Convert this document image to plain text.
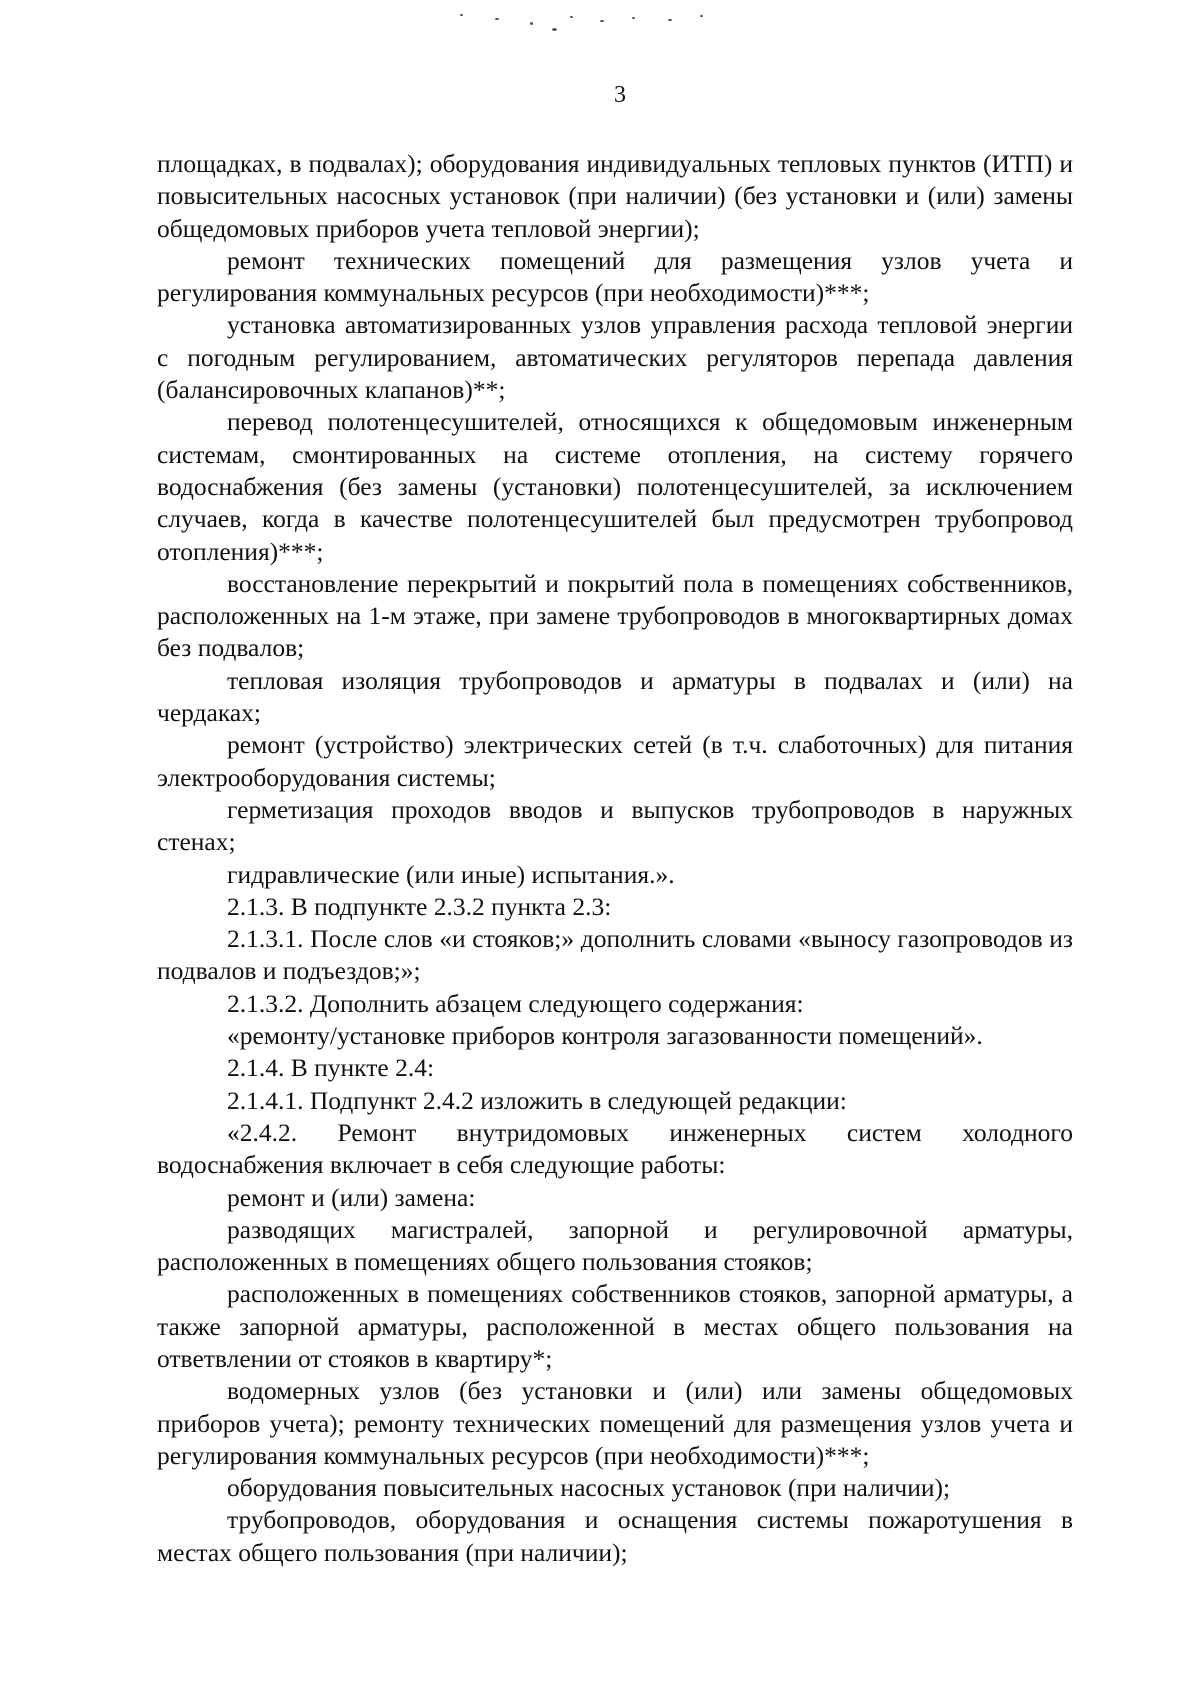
3

площадках, в подвалах); оборудования индивидуальных тепловых пунктов (ИТП) и повысительных насосных установок (при наличии) (без установки и (или) замены общедомовых приборов учета тепловой энергии);

ремонт технических помещений для размещения узлов учета и регулирования коммунальных ресурсов (при необходимости)***;

установка автоматизированных узлов управления расхода тепловой энергии с погодным регулированием, автоматических регуляторов перепада давления (балансировочных клапанов)**;

перевод полотенцесушителей, относящихся к общедомовым инженерным системам, смонтированных на системе отопления, на систему горячего водоснабжения (без замены (установки) полотенцесушителей, за исключением случаев, когда в качестве полотенцесушителей был предусмотрен трубопровод отопления)***;

восстановление перекрытий и покрытий пола в помещениях собственников, расположенных на 1-м этаже, при замене трубопроводов в многоквартирных домах без подвалов;

тепловая изоляция трубопроводов и арматуры в подвалах и (или) на чердаках;

ремонт (устройство) электрических сетей (в т.ч. слаботочных) для питания электрооборудования системы;

герметизация проходов вводов и выпусков трубопроводов в наружных стенах;

гидравлические (или иные) испытания.».

2.1.3. В подпункте 2.3.2 пункта 2.3:

2.1.3.1. После слов «и стояков;» дополнить словами «выносу газопроводов из подвалов и подъездов;»;

2.1.3.2. Дополнить абзацем следующего содержания:

«ремонту/установке приборов контроля загазованности помещений».

2.1.4. В пункте 2.4:

2.1.4.1. Подпункт 2.4.2 изложить в следующей редакции:

«2.4.2. Ремонт внутридомовых инженерных систем холодного водоснабжения включает в себя следующие работы:

ремонт и (или) замена:

разводящих магистралей, запорной и регулировочной арматуры, расположенных в помещениях общего пользования стояков;

расположенных в помещениях собственников стояков, запорной арматуры, а также запорной арматуры, расположенной в местах общего пользования на ответвлении от стояков в квартиру*;

водомерных узлов (без установки и (или) или замены общедомовых приборов учета); ремонту технических помещений для размещения узлов учета и регулирования коммунальных ресурсов (при необходимости)***;

оборудования повысительных насосных установок (при наличии);

трубопроводов, оборудования и оснащения системы пожаротушения в местах общего пользования (при наличии);
